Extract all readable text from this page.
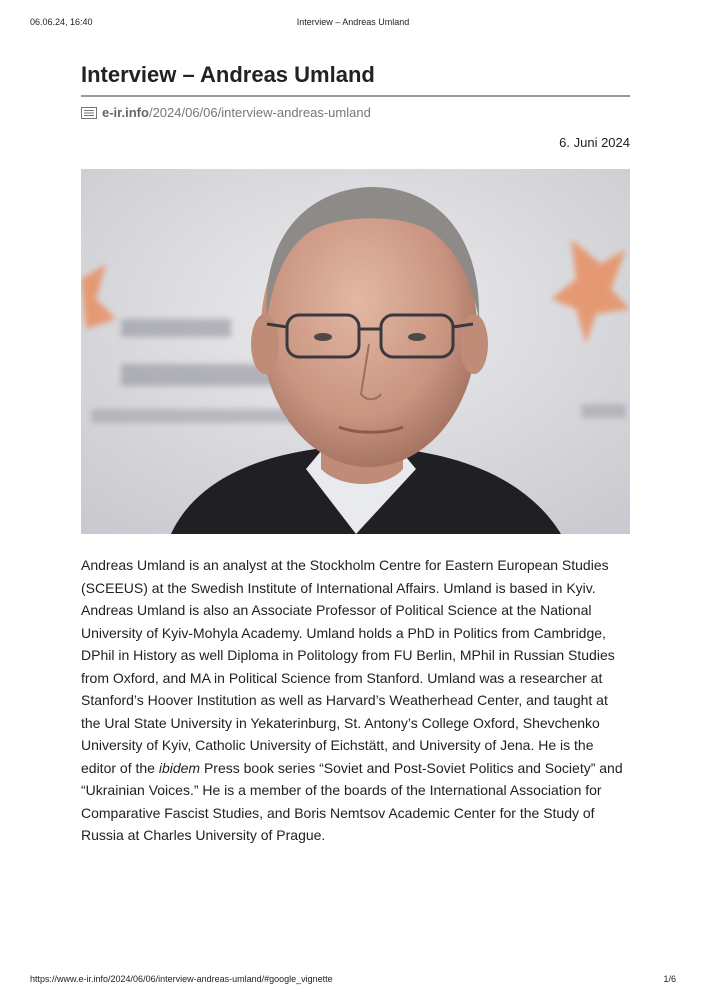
06.06.24, 16:40	Interview – Andreas Umland
Interview – Andreas Umland
e-ir.info /2024/06/06/interview-andreas-umland
6. Juni 2024

Andreas Umland is an analyst at the Stockholm Centre for Eastern European Studies (SCEEUS) at the Swedish Institute of International Affairs. Umland is based in Kyiv.

Andreas Umland is also an Associate Professor of Political Science at the National University of Kyiv-Mohyla Academy. Umland holds a PhD in Politics from Cambridge, DPhil in History as well Diploma in Politology from FU Berlin, MPhil in Russian Studies from Oxford, and MA in Political Science from Stanford. Umland was a researcher at Stanford’s Hoover Institution as well as Harvard’s Weatherhead Center, and taught at the Ural State University in Yekaterinburg, St. Antony’s College Oxford, Shevchenko University of Kyiv, Catholic University of Eichstätt, and University of Jena. He is the editor of the ibidem Press book series “Soviet and Post-Soviet Politics and Society” and “Ukrainian Voices.” He is a member of the boards of the International Association for Comparative Fascist Studies, and Boris Nemtsov Academic Center for the Study of Russia at Charles University of Prague.

https://www.e-ir.info/2024/06/06/interview-andreas-umland/#google_vignette	1/6
